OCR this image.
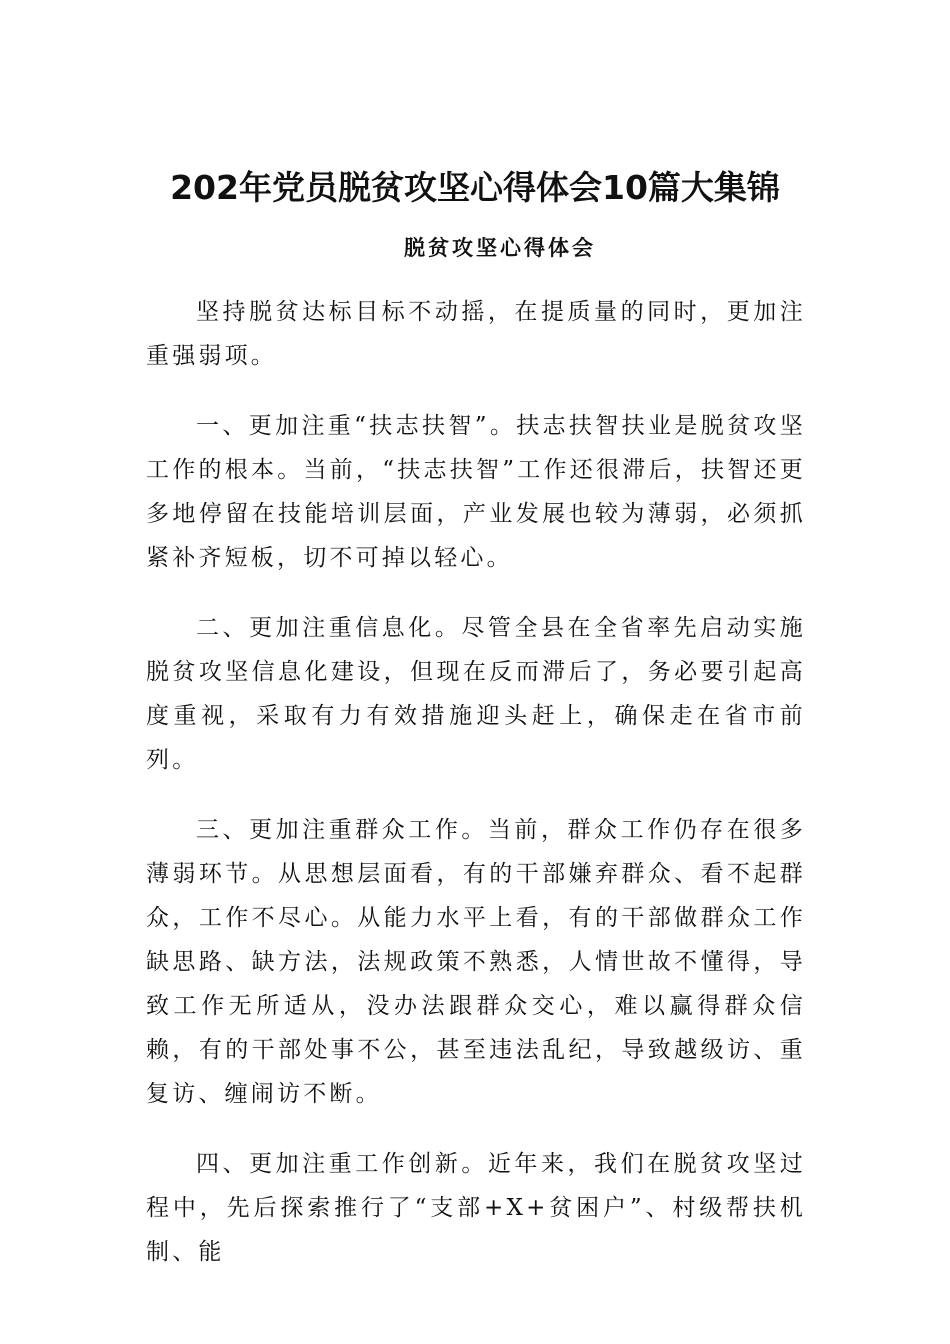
202年党员脱贫攻坚心得体会10篇大集锦
脱贫攻坚心得体会

坚持脱贫达标目标不动摇，在提质量的同时，更加注重强弱项。

一、更加注重“扶志扶智”。扶志扶智扶业是脱贫攻坚工作的根本。当前，“扶志扶智”工作还很滞后，扶智还更多地停留在技能培训层面，产业发展也较为薄弱，必须抓紧补齐短板，切不可掉以轻心。

二、更加注重信息化。尽管全县在全省率先启动实施脱贫攻坚信息化建设，但现在反而滞后了，务必要引起高度重视，采取有力有效措施迎头赶上，确保走在省市前列。

三、更加注重群众工作。当前，群众工作仍存在很多薄弱环节。从思想层面看，有的干部嫌弃群众、看不起群众，工作不尽心。从能力水平上看，有的干部做群众工作缺思路、缺方法，法规政策不熟悉，人情世故不懂得，导致工作无所适从，没办法跟群众交心，难以赢得群众信赖，有的干部处事不公，甚至违法乱纪，导致越级访、重复访、缠闹访不断。

四、更加注重工作创新。近年来，我们在脱贫攻坚过程中，先后探索推行了“支部+X+贫困户”、村级帮扶机制、能
